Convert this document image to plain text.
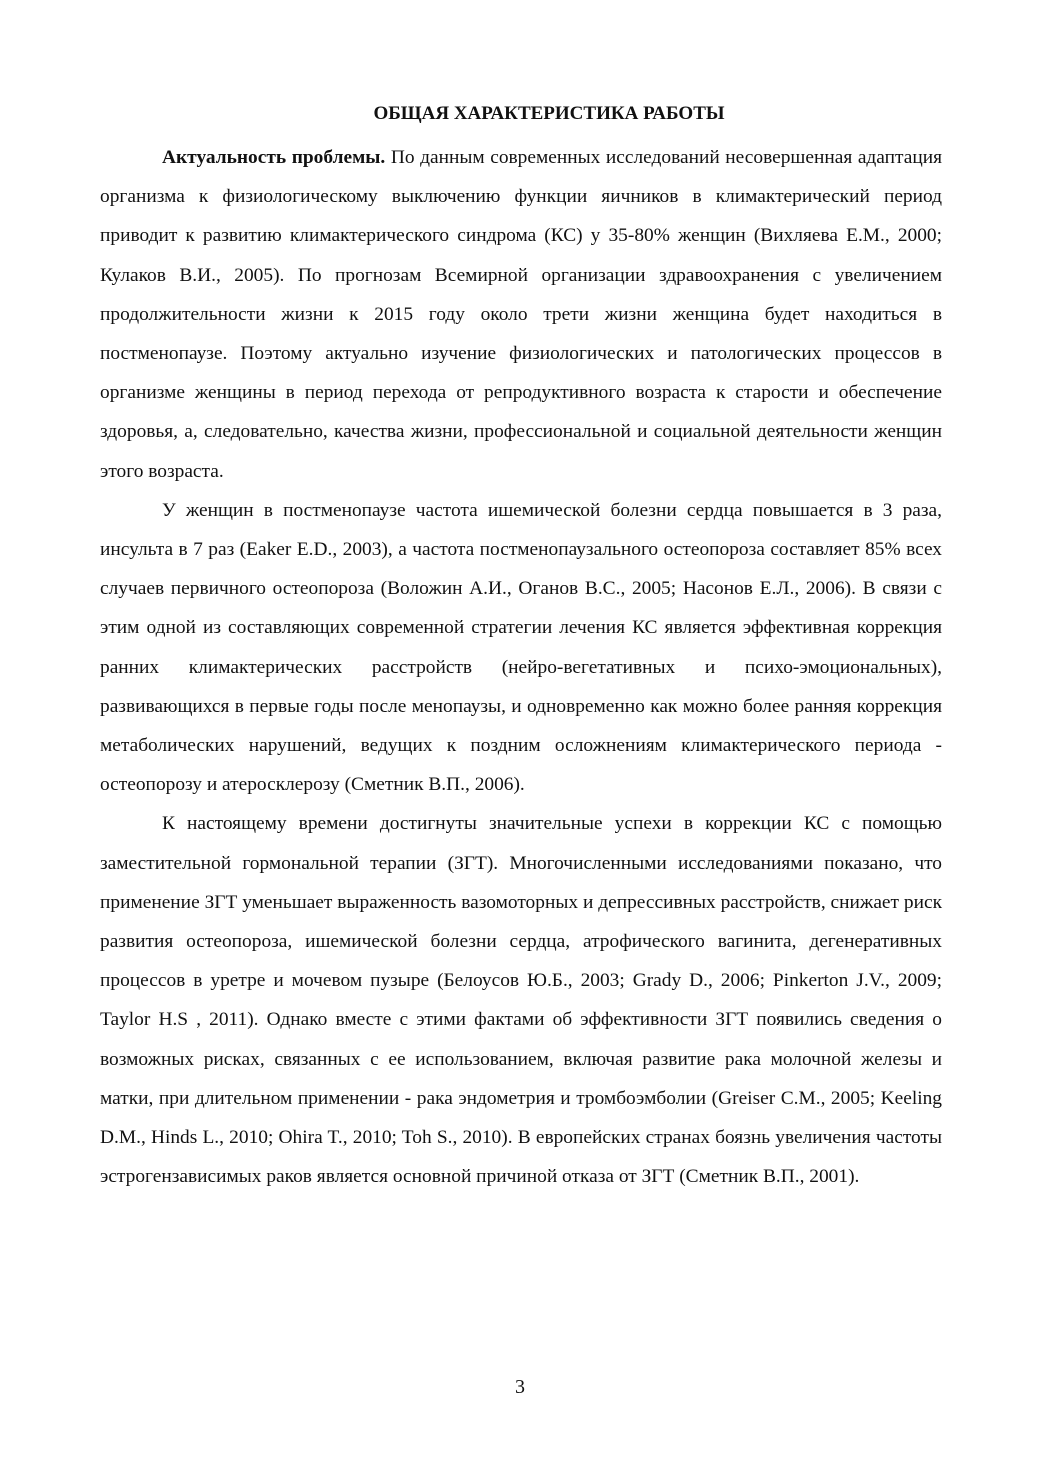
ОБЩАЯ ХАРАКТЕРИСТИКА РАБОТЫ

Актуальность проблемы. По данным современных исследований несовершенная адаптация организма к физиологическому выключению функции яичников в климактерический период приводит к развитию климактерического синдрома (КС) у 35-80% женщин (Вихляева Е.М., 2000; Кулаков В.И., 2005). По прогнозам Всемирной организации здравоохранения с увеличением продолжительности жизни к 2015 году около трети жизни женщина будет находиться в постменопаузе. Поэтому актуально изучение физиологических и патологических процессов в организме женщины в период перехода от репродуктивного возраста к старости и обеспечение здоровья, а, следовательно, качества жизни, профессиональной и социальной деятельности женщин этого возраста.

У женщин в постменопаузе частота ишемической болезни сердца повышается в 3 раза, инсульта в 7 раз (Eaker E.D., 2003), а частота постменопаузального остеопороза составляет 85% всех случаев первичного остеопороза (Воложин А.И., Оганов В.С., 2005; Насонов Е.Л., 2006). В связи с этим одной из составляющих современной стратегии лечения КС является эффективная коррекция ранних климактерических расстройств (нейро-вегетативных и психо-эмоциональных), развивающихся в первые годы после менопаузы, и одновременно как можно более ранняя коррекция метаболических нарушений, ведущих к поздним осложнениям климактерического периода - остеопорозу и атеросклерозу (Сметник В.П., 2006).

К настоящему времени достигнуты значительные успехи в коррекции КС с помощью заместительной гормональной терапии (ЗГТ). Многочисленными исследованиями показано, что применение ЗГТ уменьшает выраженность вазомоторных и депрессивных расстройств, снижает риск развития остеопороза, ишемической болезни сердца, атрофического вагинита, дегенеративных процессов в уретре и мочевом пузыре (Белоусов Ю.Б., 2003; Grady D., 2006; Pinkerton J.V., 2009; Taylor H.S , 2011). Однако вместе с этими фактами об эффективности ЗГТ появились сведения о возможных рисках, связанных с ее использованием, включая развитие рака молочной железы и матки, при длительном применении - рака эндометрия и тромбоэмболии (Greiser C.M., 2005; Keeling D.M., Hinds L., 2010; Ohira T., 2010; Toh S., 2010). В европейских странах боязнь увеличения частоты эстрогензависимых раков является основной причиной отказа от ЗГТ (Сметник В.П., 2001).

3
